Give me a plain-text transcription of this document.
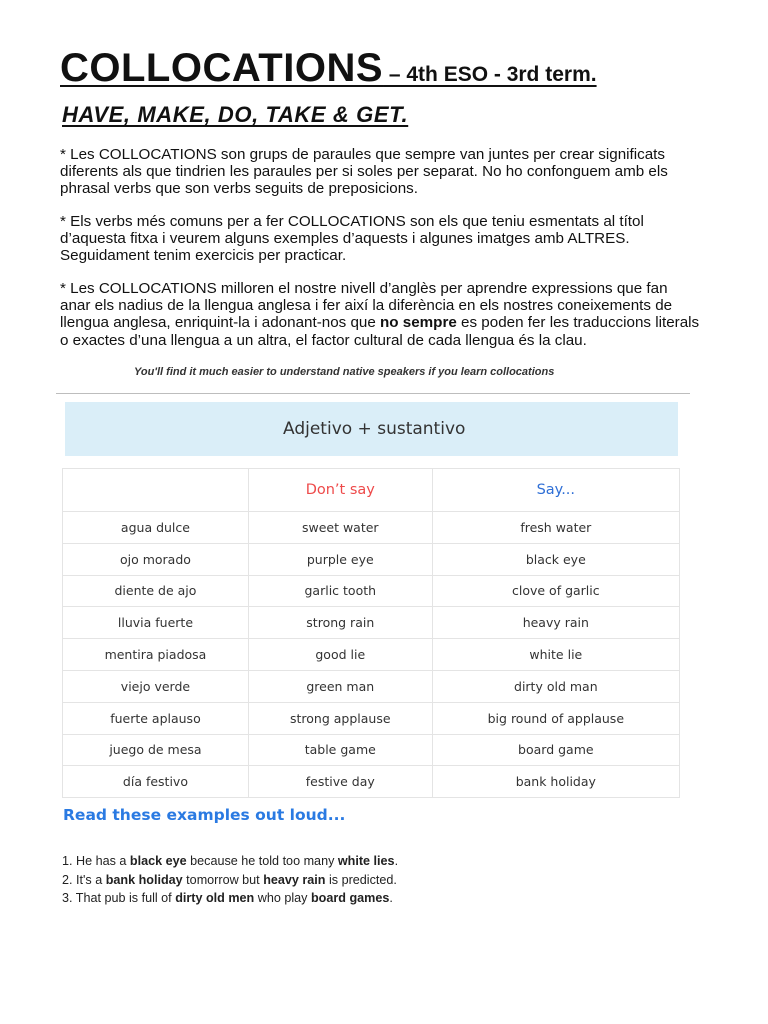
COLLOCATIONS – 4th ESO - 3rd term.
HAVE, MAKE, DO, TAKE & GET.
* Les COLLOCATIONS son grups de paraules que sempre van juntes per crear significats diferents als que tindrien les paraules per si soles per separat. No ho confonguem amb els phrasal verbs que son verbs seguits de preposicions.
* Els verbs més comuns per a fer COLLOCATIONS son els que teniu esmentats al títol d’aquesta fitxa i veurem alguns exemples d’aquests i algunes imatges amb ALTRES. Seguidament tenim exercicis per practicar.
* Les COLLOCATIONS milloren el nostre nivell d’anglès per aprendre expressions que fan anar els nadius de la llengua anglesa i fer així la diferència en els nostres coneixements de llengua anglesa, enriquint-la i adonant-nos que no sempre es poden fer les traduccions literals o exactes d’una llengua a un altra, el factor cultural de cada llengua és la clau.
You'll find it much easier to understand native speakers if you learn collocations
Adjetivo + sustantivo
	Don’t say	Say...
agua dulce	sweet water	fresh water
ojo morado	purple eye	black eye
diente de ajo	garlic tooth	clove of garlic
lluvia fuerte	strong rain	heavy rain
mentira piadosa	good lie	white lie
viejo verde	green man	dirty old man
fuerte aplauso	strong applause	big round of applause
juego de mesa	table game	board game
día festivo	festive day	bank holiday
Read these examples out loud...
1. He has a black eye because he told too many white lies.
2. It's a bank holiday tomorrow but heavy rain is predicted.
3. That pub is full of dirty old men who play board games.
